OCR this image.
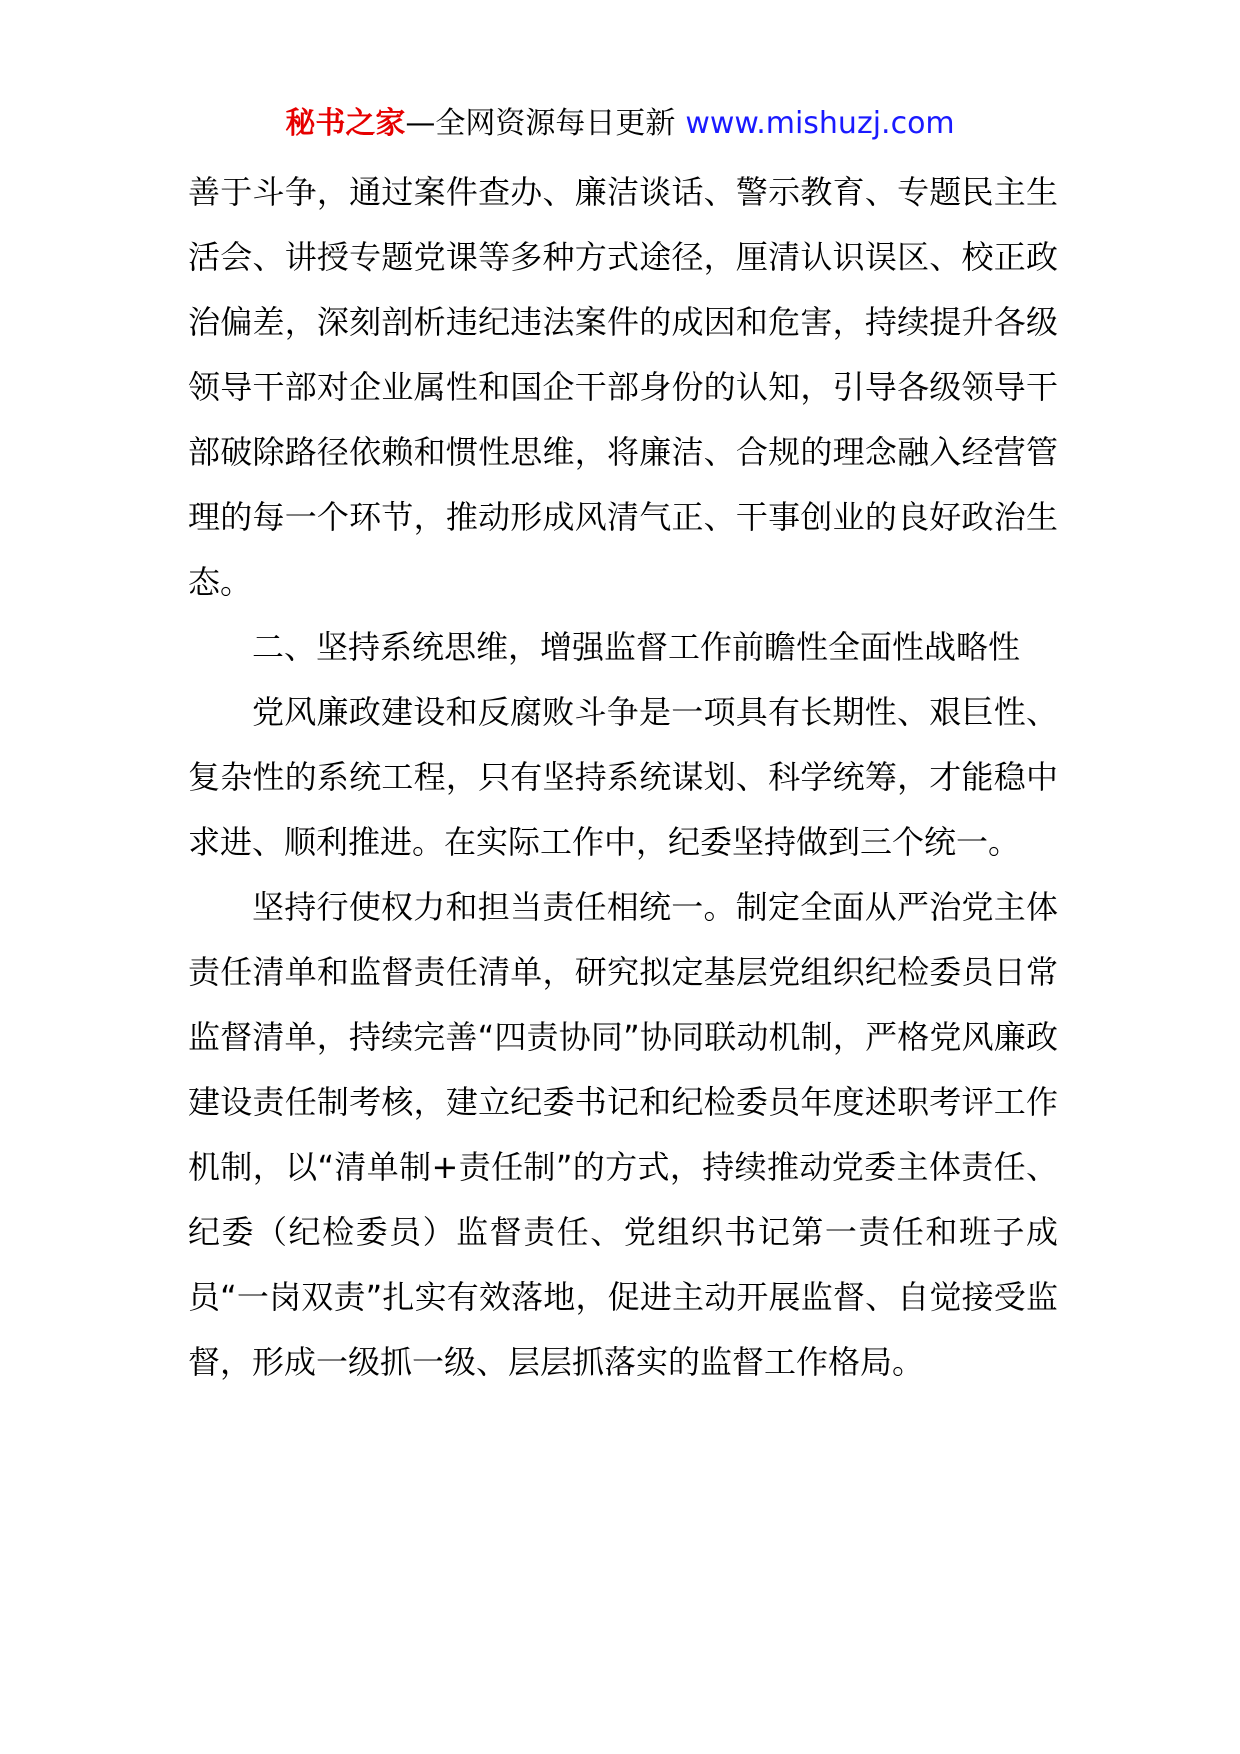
秘书之家—全网资源每日更新 www.mishuzj.com

善于斗争，通过案件查办、廉洁谈话、警示教育、专题民主生活会、讲授专题党课等多种方式途径，厘清认识误区、校正政治偏差，深刻剖析违纪违法案件的成因和危害，持续提升各级领导干部对企业属性和国企干部身份的认知，引导各级领导干部破除路径依赖和惯性思维，将廉洁、合规的理念融入经营管理的每一个环节，推动形成风清气正、干事创业的良好政治生态。

二、坚持系统思维，增强监督工作前瞻性全面性战略性

党风廉政建设和反腐败斗争是一项具有长期性、艰巨性、复杂性的系统工程，只有坚持系统谋划、科学统筹，才能稳中求进、顺利推进。在实际工作中，纪委坚持做到三个统一。

坚持行使权力和担当责任相统一。制定全面从严治党主体责任清单和监督责任清单，研究拟定基层党组织纪检委员日常监督清单，持续完善“四责协同”协同联动机制，严格党风廉政建设责任制考核，建立纪委书记和纪检委员年度述职考评工作机制，以“清单制+责任制”的方式，持续推动党委主体责任、纪委（纪检委员）监督责任、党组织书记第一责任和班子成员“一岗双责”扎实有效落地，促进主动开展监督、自觉接受监督，形成一级抓一级、层层抓落实的监督工作格局。
